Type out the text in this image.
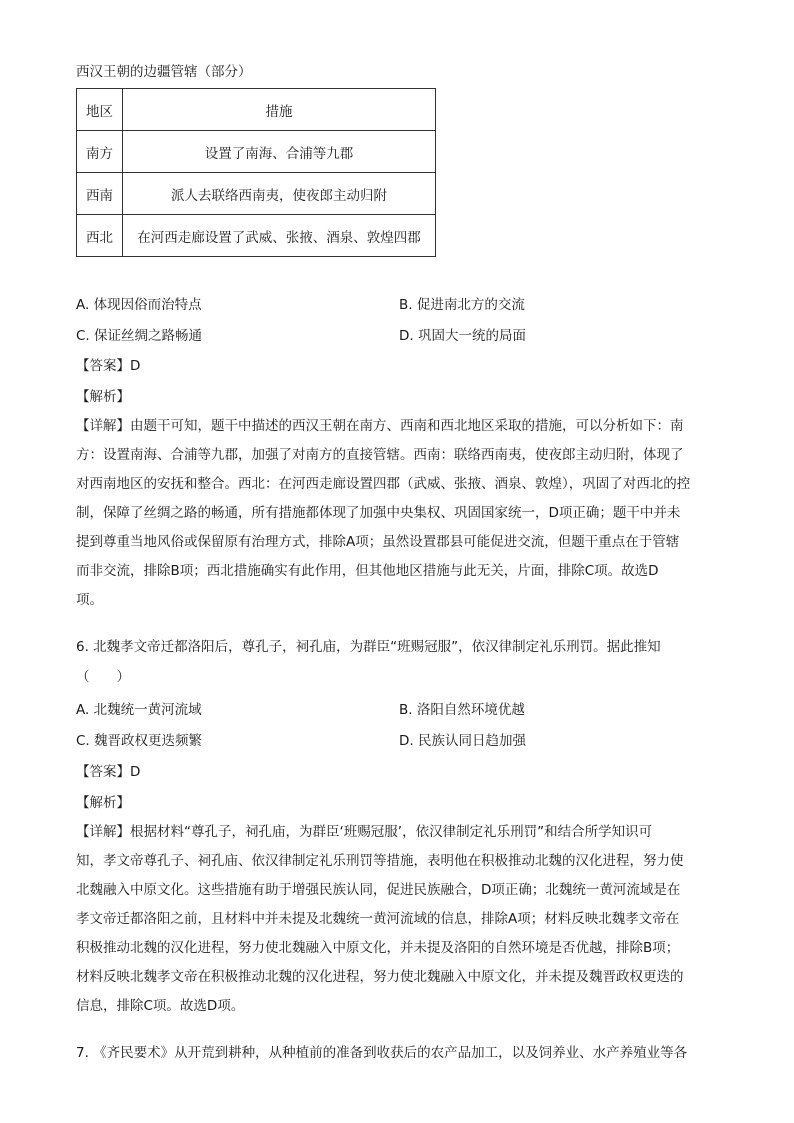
西汉王朝的边疆管辖（部分）
地区	措施
南方	设置了南海、合浦等九郡
西南	派人去联络西南夷，使夜郎主动归附
西北	在河西走廊设置了武威、张掖、酒泉、敦煌四郡
A. 体现因俗而治特点	B. 促进南北方的交流
C. 保证丝绸之路畅通	D. 巩固大一统的局面
【答案】D
【解析】
【详解】由题干可知，题干中描述的西汉王朝在南方、西南和西北地区采取的措施，可以分析如下：南
方：设置南海、合浦等九郡，加强了对南方的直接管辖。西南：联络西南夷，使夜郎主动归附，体现了
对西南地区的安抚和整合。西北：在河西走廊设置四郡（武威、张掖、酒泉、敦煌），巩固了对西北的控
制，保障了丝绸之路的畅通，所有措施都体现了加强中央集权、巩固国家统一，D项正确；题干中并未
提到尊重当地风俗或保留原有治理方式，排除A项；虽然设置郡县可能促进交流，但题干重点在于管辖
而非交流，排除B项；西北措施确实有此作用，但其他地区措施与此无关，片面，排除C项。故选D
项。
6. 北魏孝文帝迁都洛阳后，尊孔子，祠孔庙，为群臣“班赐冠服”，依汉律制定礼乐刑罚。据此推知
（　　）
A. 北魏统一黄河流域	B. 洛阳自然环境优越
C. 魏晋政权更迭频繁	D. 民族认同日趋加强
【答案】D
【解析】
【详解】根据材料“尊孔子，祠孔庙，为群臣‘班赐冠服’，依汉律制定礼乐刑罚”和结合所学知识可
知，孝文帝尊孔子、祠孔庙、依汉律制定礼乐刑罚等措施，表明他在积极推动北魏的汉化进程，努力使
北魏融入中原文化。这些措施有助于增强民族认同，促进民族融合，D项正确；北魏统一黄河流域是在
孝文帝迁都洛阳之前，且材料中并未提及北魏统一黄河流域的信息，排除A项；材料反映北魏孝文帝在
积极推动北魏的汉化进程，努力使北魏融入中原文化，并未提及洛阳的自然环境是否优越，排除B项；
材料反映北魏孝文帝在积极推动北魏的汉化进程，努力使北魏融入中原文化，并未提及魏晋政权更迭的
信息，排除C项。故选D项。
7. 《齐民要术》从开荒到耕种，从种植前的准备到收获后的农产品加工，以及饲养业、水产养殖业等各
